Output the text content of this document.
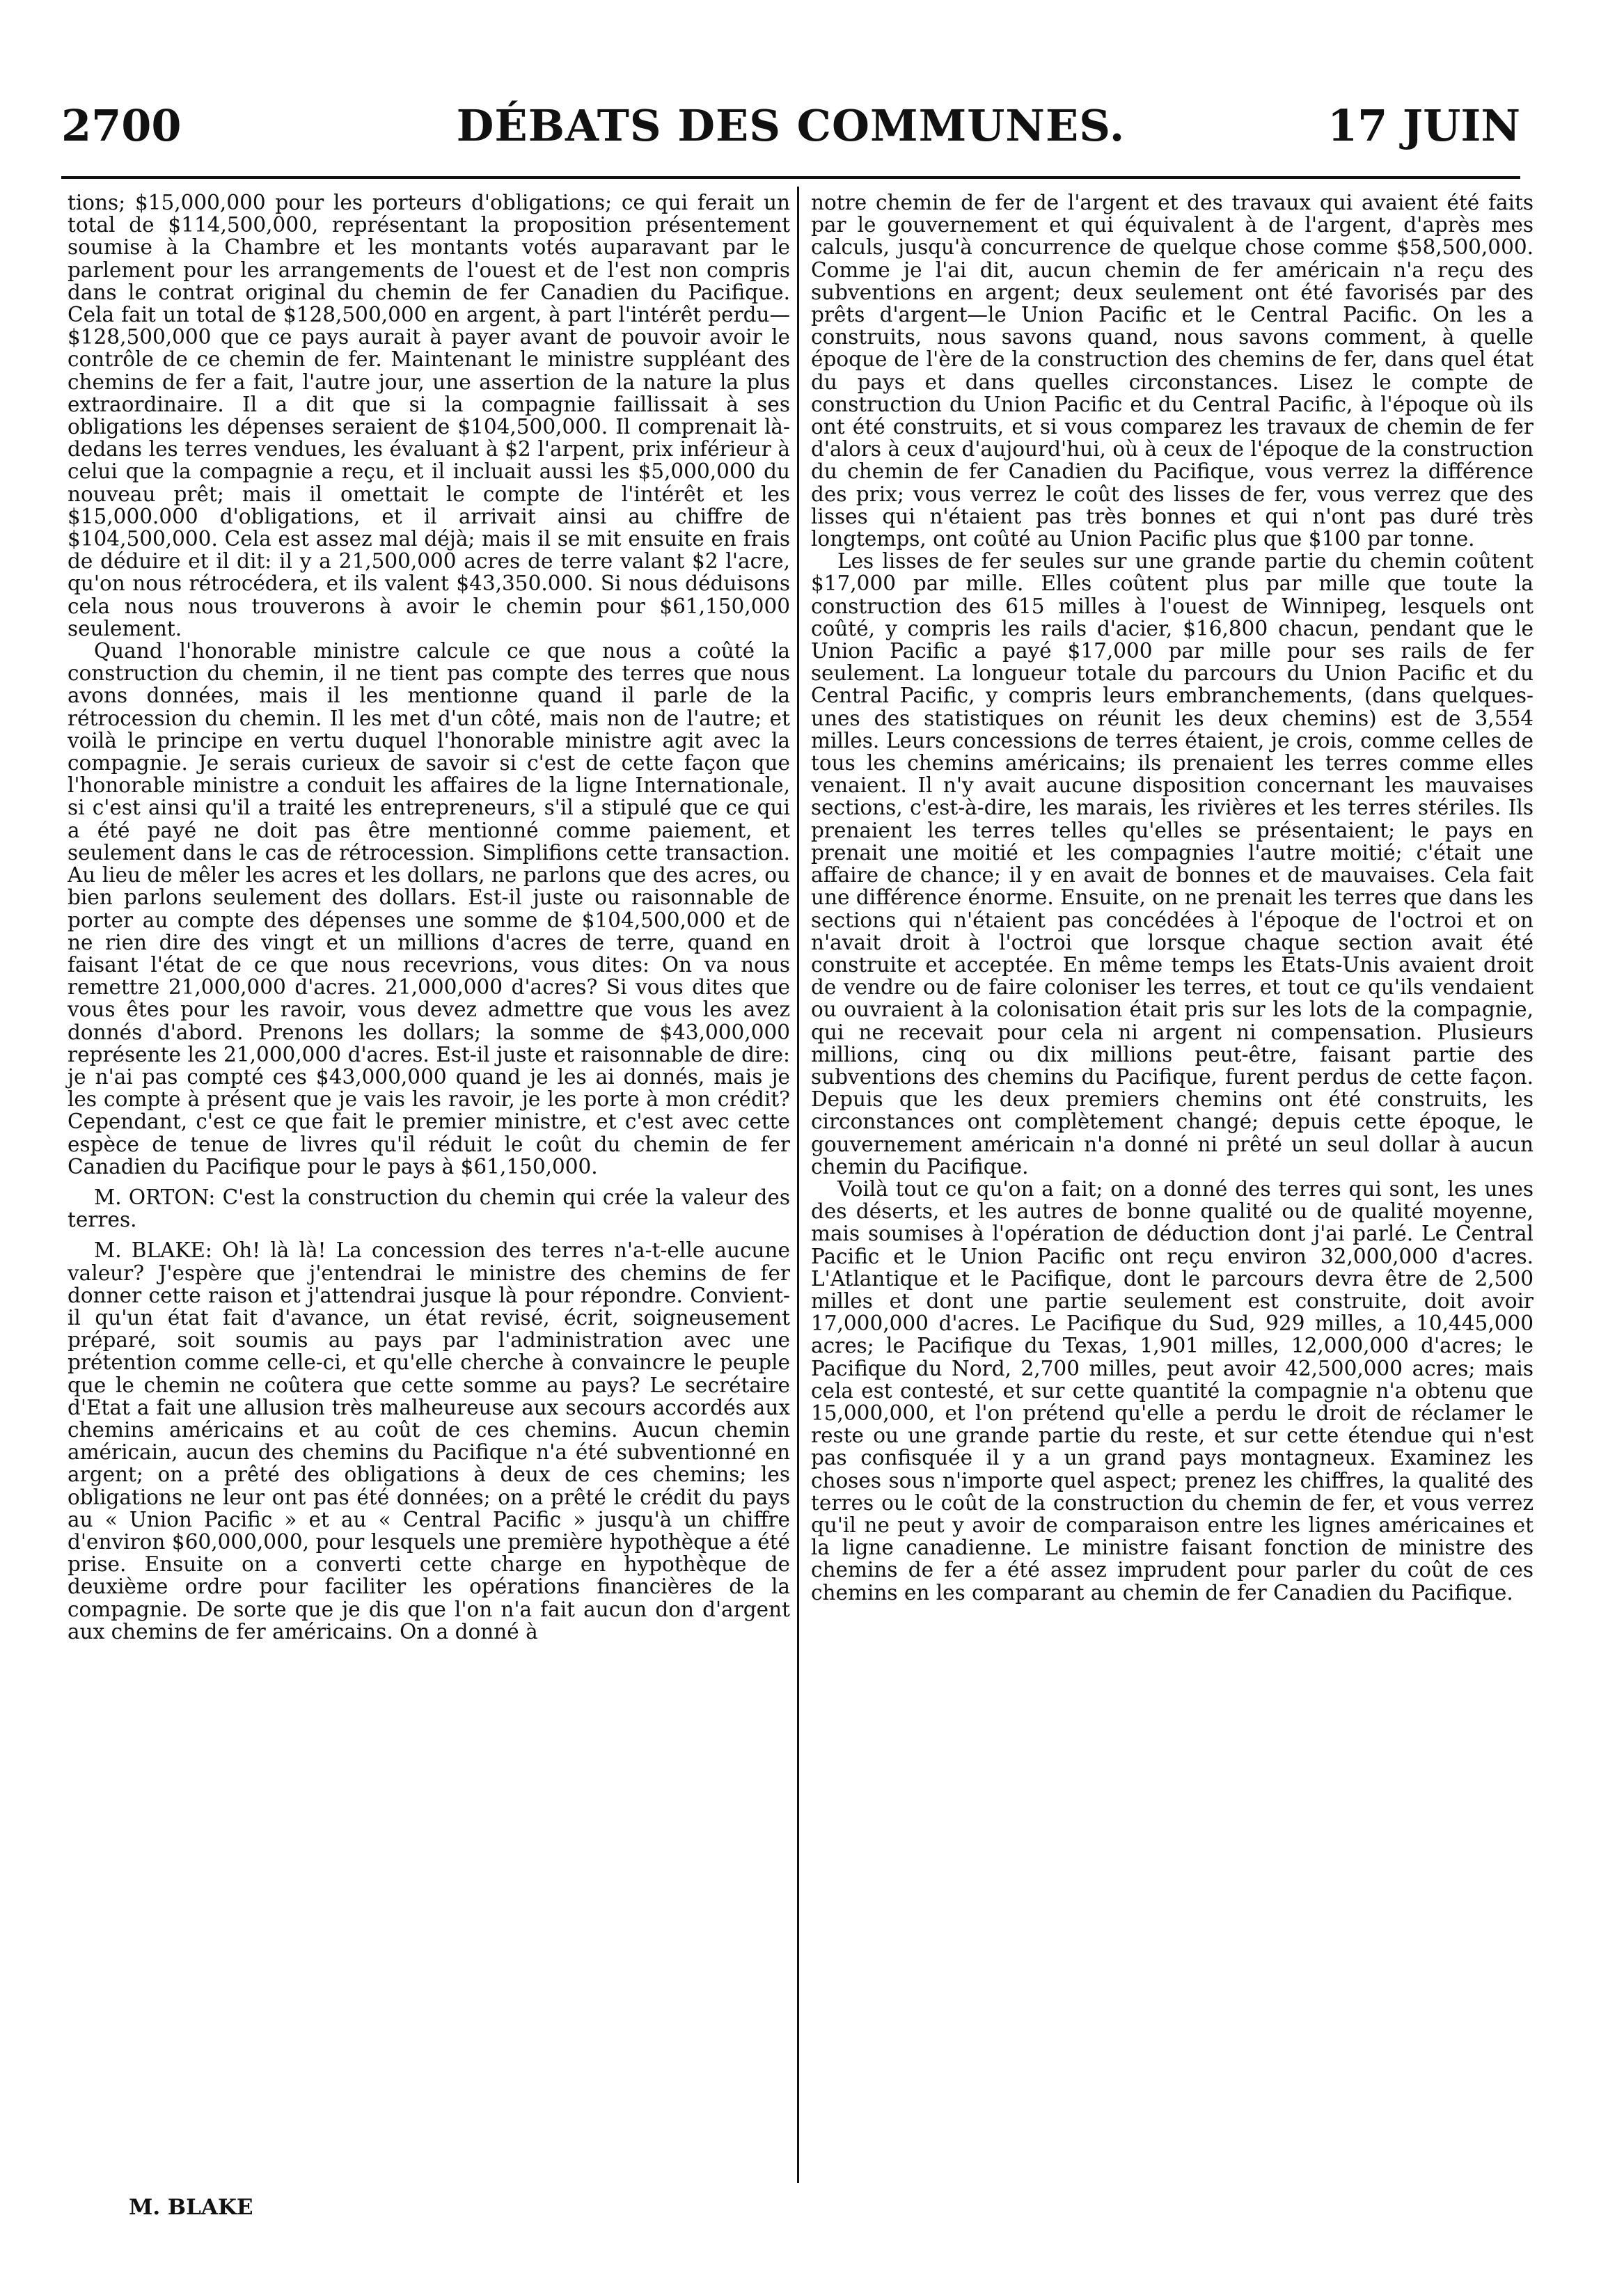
2700	DÉBATS DES COMMUNES.	17 JUIN

tions; $15,000,000 pour les porteurs d'obligations; ce qui ferait un total de $114,500,000, représentant la proposition présentement soumise à la Chambre et les montants votés auparavant par le parlement pour les arrangements de l'ouest et de l'est non compris dans le contrat original du chemin de fer Canadien du Pacifique. Cela fait un total de $128,500,000 en argent, à part l'intérêt perdu—$128,500,000 que ce pays aurait à payer avant de pouvoir avoir le contrôle de ce chemin de fer. Maintenant le ministre suppléant des chemins de fer a fait, l'autre jour, une assertion de la nature la plus extraordinaire. Il a dit que si la compagnie faillissait à ses obligations les dépenses seraient de $104,500,000. Il comprenait là-dedans les terres vendues, les évaluant à $2 l'arpent, prix inférieur à celui que la compagnie a reçu, et il incluait aussi les $5,000,000 du nouveau prêt; mais il omettait le compte de l'intérêt et les $15,000.000 d'obligations, et il arrivait ainsi au chiffre de $104,500,000. Cela est assez mal déjà; mais il se mit ensuite en frais de déduire et il dit: il y a 21,500,000 acres de terre valant $2 l'acre, qu'on nous rétrocédera, et ils valent $43,350.000. Si nous déduisons cela nous nous trouverons à avoir le chemin pour $61,150,000 seulement.

Quand l'honorable ministre calcule ce que nous a coûté la construction du chemin, il ne tient pas compte des terres que nous avons données, mais il les mentionne quand il parle de la rétrocession du chemin. Il les met d'un côté, mais non de l'autre; et voilà le principe en vertu duquel l'honorable ministre agit avec la compagnie. Je serais curieux de savoir si c'est de cette façon que l'honorable ministre a conduit les affaires de la ligne Internationale, si c'est ainsi qu'il a traité les entrepreneurs, s'il a stipulé que ce qui a été payé ne doit pas être mentionné comme paiement, et seulement dans le cas de rétrocession. Simplifions cette transaction. Au lieu de mêler les acres et les dollars, ne parlons que des acres, ou bien parlons seulement des dollars. Est-il juste ou raisonnable de porter au compte des dépenses une somme de $104,500,000 et de ne rien dire des vingt et un millions d'acres de terre, quand en faisant l'état de ce que nous recevrions, vous dites: On va nous remettre 21,000,000 d'acres. 21,000,000 d'acres? Si vous dites que vous êtes pour les ravoir, vous devez admettre que vous les avez donnés d'abord. Prenons les dollars; la somme de $43,000,000 représente les 21,000,000 d'acres. Est-il juste et raisonnable de dire: je n'ai pas compté ces $43,000,000 quand je les ai donnés, mais je les compte à présent que je vais les ravoir, je les porte à mon crédit? Cependant, c'est ce que fait le premier ministre, et c'est avec cette espèce de tenue de livres qu'il réduit le coût du chemin de fer Canadien du Pacifique pour le pays à $61,150,000.

M. ORTON: C'est la construction du chemin qui crée la valeur des terres.

M. BLAKE: Oh! là là! La concession des terres n'a-t-elle aucune valeur? J'espère que j'entendrai le ministre des chemins de fer donner cette raison et j'attendrai jusque là pour répondre. Convient-il qu'un état fait d'avance, un état revisé, écrit, soigneusement préparé, soit soumis au pays par l'administration avec une prétention comme celle-ci, et qu'elle cherche à convaincre le peuple que le chemin ne coûtera que cette somme au pays? Le secrétaire d'Etat a fait une allusion très malheureuse aux secours accordés aux chemins américains et au coût de ces chemins. Aucun chemin américain, aucun des chemins du Pacifique n'a été subventionné en argent; on a prêté des obligations à deux de ces chemins; les obligations ne leur ont pas été données; on a prêté le crédit du pays au « Union Pacific » et au « Central Pacific » jusqu'à un chiffre d'environ $60,000,000, pour lesquels une première hypothèque a été prise. Ensuite on a converti cette charge en hypothèque de deuxième ordre pour faciliter les opérations financières de la compagnie. De sorte que je dis que l'on n'a fait aucun don d'argent aux chemins de fer américains. On a donné à

notre chemin de fer de l'argent et des travaux qui avaient été faits par le gouvernement et qui équivalent à de l'argent, d'après mes calculs, jusqu'à concurrence de quelque chose comme $58,500,000. Comme je l'ai dit, aucun chemin de fer américain n'a reçu des subventions en argent; deux seulement ont été favorisés par des prêts d'argent—le Union Pacific et le Central Pacific. On les a construits, nous savons quand, nous savons comment, à quelle époque de l'ère de la construction des chemins de fer, dans quel état du pays et dans quelles circonstances. Lisez le compte de construction du Union Pacific et du Central Pacific, à l'époque où ils ont été construits, et si vous comparez les travaux de chemin de fer d'alors à ceux d'aujourd'hui, où à ceux de l'époque de la construction du chemin de fer Canadien du Pacifique, vous verrez la différence des prix; vous verrez le coût des lisses de fer, vous verrez que des lisses qui n'étaient pas très bonnes et qui n'ont pas duré très longtemps, ont coûté au Union Pacific plus que $100 par tonne.

Les lisses de fer seules sur une grande partie du chemin coûtent $17,000 par mille. Elles coûtent plus par mille que toute la construction des 615 milles à l'ouest de Winnipeg, lesquels ont coûté, y compris les rails d'acier, $16,800 chacun, pendant que le Union Pacific a payé $17,000 par mille pour ses rails de fer seulement. La longueur totale du parcours du Union Pacific et du Central Pacific, y compris leurs embranchements, (dans quelques-unes des statistiques on réunit les deux chemins) est de 3,554 milles. Leurs concessions de terres étaient, je crois, comme celles de tous les chemins américains; ils prenaient les terres comme elles venaient. Il n'y avait aucune disposition concernant les mauvaises sections, c'est-à-dire, les marais, les rivières et les terres stériles. Ils prenaient les terres telles qu'elles se présentaient; le pays en prenait une moitié et les compagnies l'autre moitié; c'était une affaire de chance; il y en avait de bonnes et de mauvaises. Cela fait une différence énorme. Ensuite, on ne prenait les terres que dans les sections qui n'étaient pas concédées à l'époque de l'octroi et on n'avait droit à l'octroi que lorsque chaque section avait été construite et acceptée. En même temps les Etats-Unis avaient droit de vendre ou de faire coloniser les terres, et tout ce qu'ils vendaient ou ouvraient à la colonisation était pris sur les lots de la compagnie, qui ne recevait pour cela ni argent ni compensation. Plusieurs millions, cinq ou dix millions peut-être, faisant partie des subventions des chemins du Pacifique, furent perdus de cette façon. Depuis que les deux premiers chemins ont été construits, les circonstances ont complètement changé; depuis cette époque, le gouvernement américain n'a donné ni prêté un seul dollar à aucun chemin du Pacifique.

Voilà tout ce qu'on a fait; on a donné des terres qui sont, les unes des déserts, et les autres de bonne qualité ou de qualité moyenne, mais soumises à l'opération de déduction dont j'ai parlé. Le Central Pacific et le Union Pacific ont reçu environ 32,000,000 d'acres. L'Atlantique et le Pacifique, dont le parcours devra être de 2,500 milles et dont une partie seulement est construite, doit avoir 17,000,000 d'acres. Le Pacifique du Sud, 929 milles, a 10,445,000 acres; le Pacifique du Texas, 1,901 milles, 12,000,000 d'acres; le Pacifique du Nord, 2,700 milles, peut avoir 42,500,000 acres; mais cela est contesté, et sur cette quantité la compagnie n'a obtenu que 15,000,000, et l'on prétend qu'elle a perdu le droit de réclamer le reste ou une grande partie du reste, et sur cette étendue qui n'est pas confisquée il y a un grand pays montagneux. Examinez les choses sous n'importe quel aspect; prenez les chiffres, la qualité des terres ou le coût de la construction du chemin de fer, et vous verrez qu'il ne peut y avoir de comparaison entre les lignes américaines et la ligne canadienne. Le ministre faisant fonction de ministre des chemins de fer a été assez imprudent pour parler du coût de ces chemins en les comparant au chemin de fer Canadien du Pacifique.

M. BLAKE
